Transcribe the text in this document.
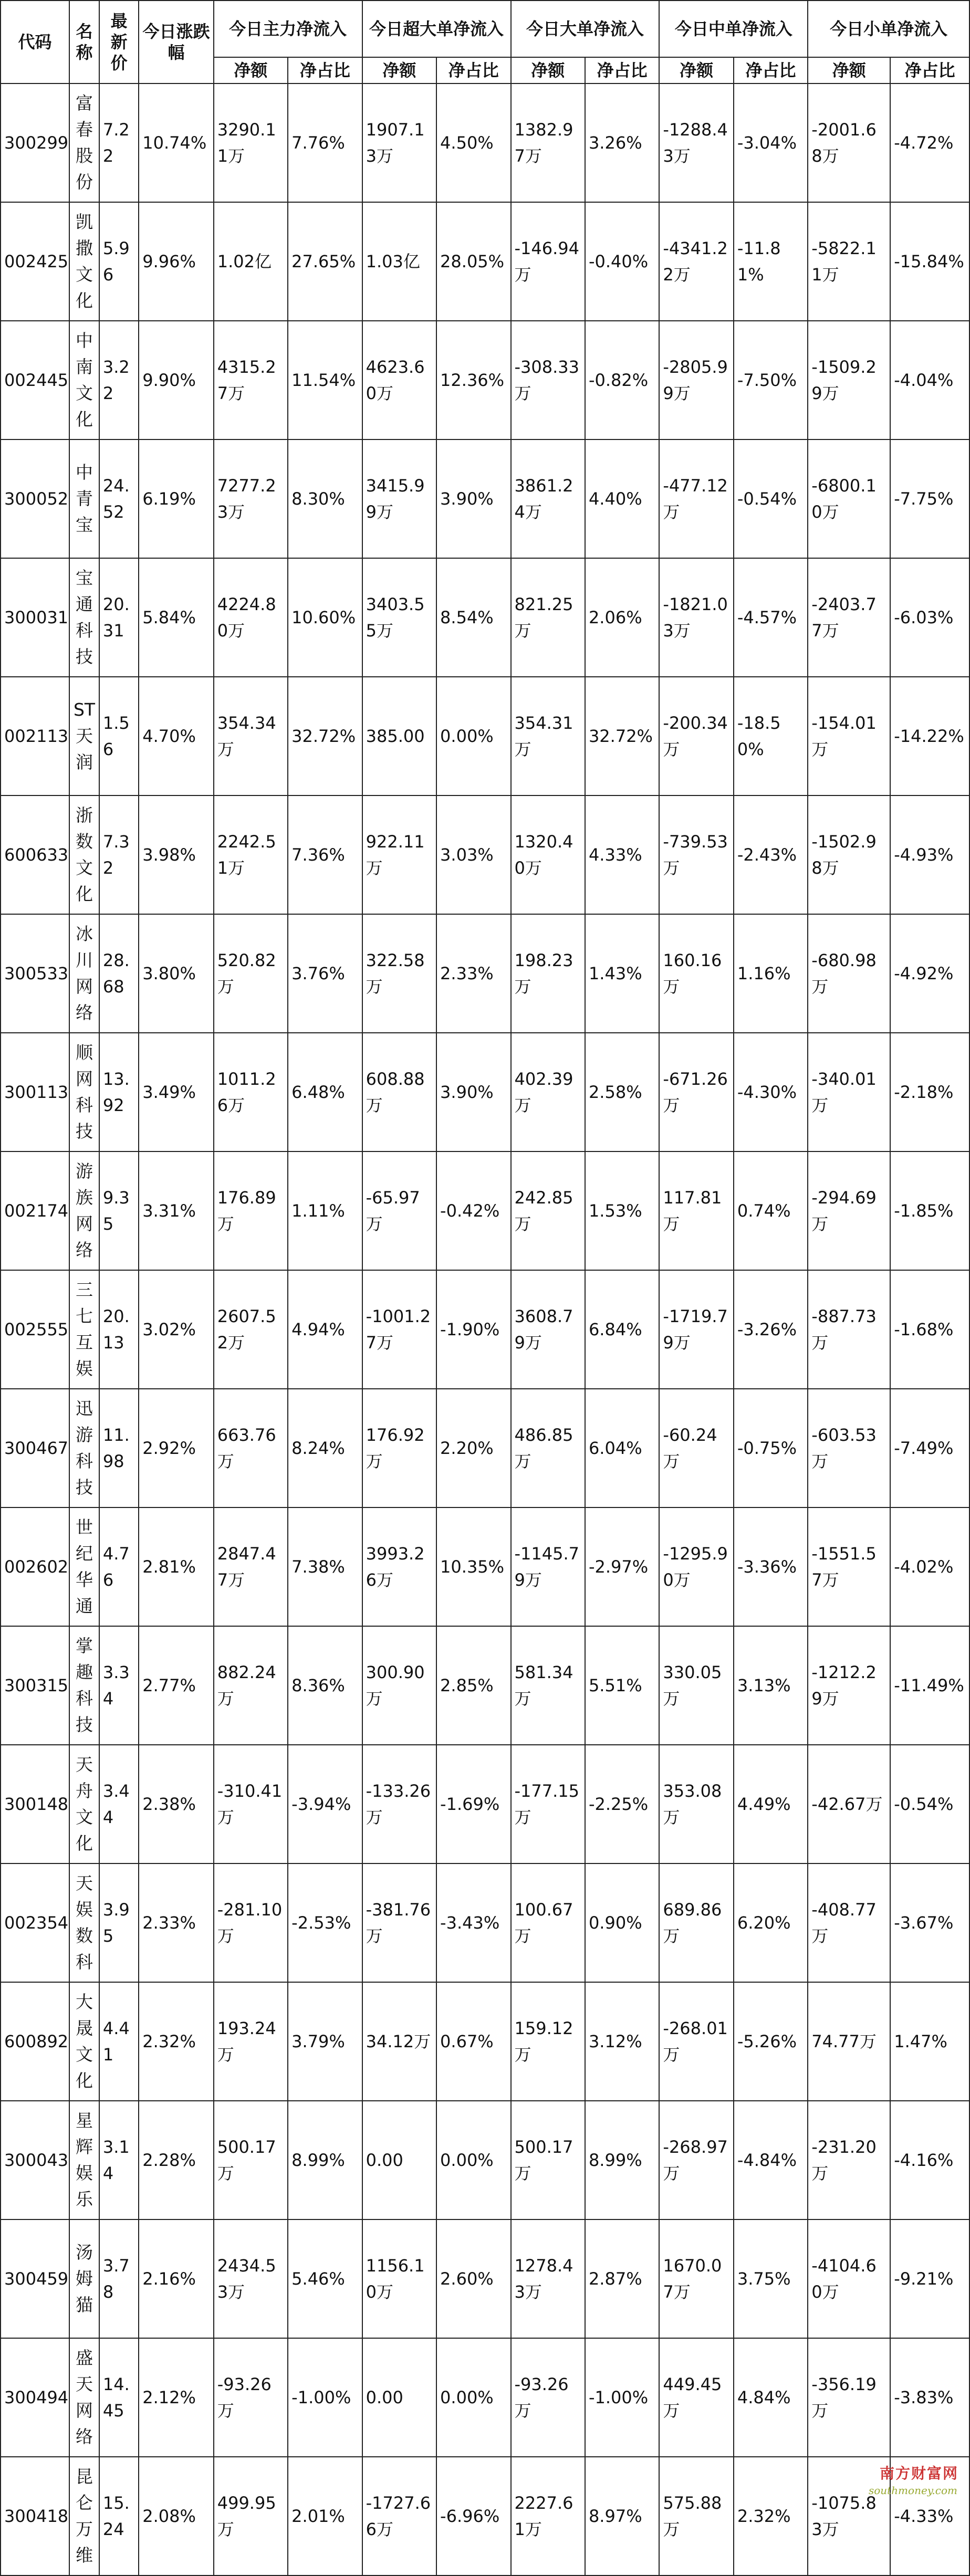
代码	名称	最新价	今日涨跌幅	今日主力净流入		今日超大单净流入		今日大单净流入		今日中单净流入		今日小单净流入	
				净额	净占比	净额	净占比	净额	净占比	净额	净占比	净额	净占比
300299	富春股份	7.22	10.74%	3290.11万	7.76%	1907.13万	4.50%	1382.97万	3.26%	-1288.43万	-3.04%	-2001.68万	-4.72%
002425	凯撒文化	5.96	9.96%	1.02亿	27.65%	1.03亿	28.05%	-146.94万	-0.40%	-4341.22万	-11.81%	-5822.11万	-15.84%
002445	中南文化	3.22	9.90%	4315.27万	11.54%	4623.60万	12.36%	-308.33万	-0.82%	-2805.99万	-7.50%	-1509.29万	-4.04%
300052	中青宝	24.52	6.19%	7277.23万	8.30%	3415.99万	3.90%	3861.24万	4.40%	-477.12万	-0.54%	-6800.10万	-7.75%
300031	宝通科技	20.31	5.84%	4224.80万	10.60%	3403.55万	8.54%	821.25万	2.06%	-1821.03万	-4.57%	-2403.77万	-6.03%
002113	ST天润	1.56	4.70%	354.34万	32.72%	385.00	0.00%	354.31万	32.72%	-200.34万	-18.50%	-154.01万	-14.22%
600633	浙数文化	7.32	3.98%	2242.51万	7.36%	922.11万	3.03%	1320.40万	4.33%	-739.53万	-2.43%	-1502.98万	-4.93%
300533	冰川网络	28.68	3.80%	520.82万	3.76%	322.58万	2.33%	198.23万	1.43%	160.16万	1.16%	-680.98万	-4.92%
300113	顺网科技	13.92	3.49%	1011.26万	6.48%	608.88万	3.90%	402.39万	2.58%	-671.26万	-4.30%	-340.01万	-2.18%
002174	游族网络	9.35	3.31%	176.89万	1.11%	-65.97万	-0.42%	242.85万	1.53%	117.81万	0.74%	-294.69万	-1.85%
002555	三七互娱	20.13	3.02%	2607.52万	4.94%	-1001.27万	-1.90%	3608.79万	6.84%	-1719.79万	-3.26%	-887.73万	-1.68%
300467	迅游科技	11.98	2.92%	663.76万	8.24%	176.92万	2.20%	486.85万	6.04%	-60.24万	-0.75%	-603.53万	-7.49%
002602	世纪华通	4.76	2.81%	2847.47万	7.38%	3993.26万	10.35%	-1145.79万	-2.97%	-1295.90万	-3.36%	-1551.57万	-4.02%
300315	掌趣科技	3.34	2.77%	882.24万	8.36%	300.90万	2.85%	581.34万	5.51%	330.05万	3.13%	-1212.29万	-11.49%
300148	天舟文化	3.44	2.38%	-310.41万	-3.94%	-133.26万	-1.69%	-177.15万	-2.25%	353.08万	4.49%	-42.67万	-0.54%
002354	天娱数科	3.95	2.33%	-281.10万	-2.53%	-381.76万	-3.43%	100.67万	0.90%	689.86万	6.20%	-408.77万	-3.67%
600892	大晟文化	4.41	2.32%	193.24万	3.79%	34.12万	0.67%	159.12万	3.12%	-268.01万	-5.26%	74.77万	1.47%
300043	星辉娱乐	3.14	2.28%	500.17万	8.99%	0.00	0.00%	500.17万	8.99%	-268.97万	-4.84%	-231.20万	-4.16%
300459	汤姆猫	3.78	2.16%	2434.53万	5.46%	1156.10万	2.60%	1278.43万	2.87%	1670.07万	3.75%	-4104.60万	-9.21%
300494	盛天网络	14.45	2.12%	-93.26万	-1.00%	0.00	0.00%	-93.26万	-1.00%	449.45万	4.84%	-356.19万	-3.83%
300418	昆仑万维	15.24	2.08%	499.95万	2.01%	-1727.66万	-6.96%	2227.61万	8.97%	575.88万	2.32%	-1075.83万	-4.33%
南方财富网
southmoney.com
